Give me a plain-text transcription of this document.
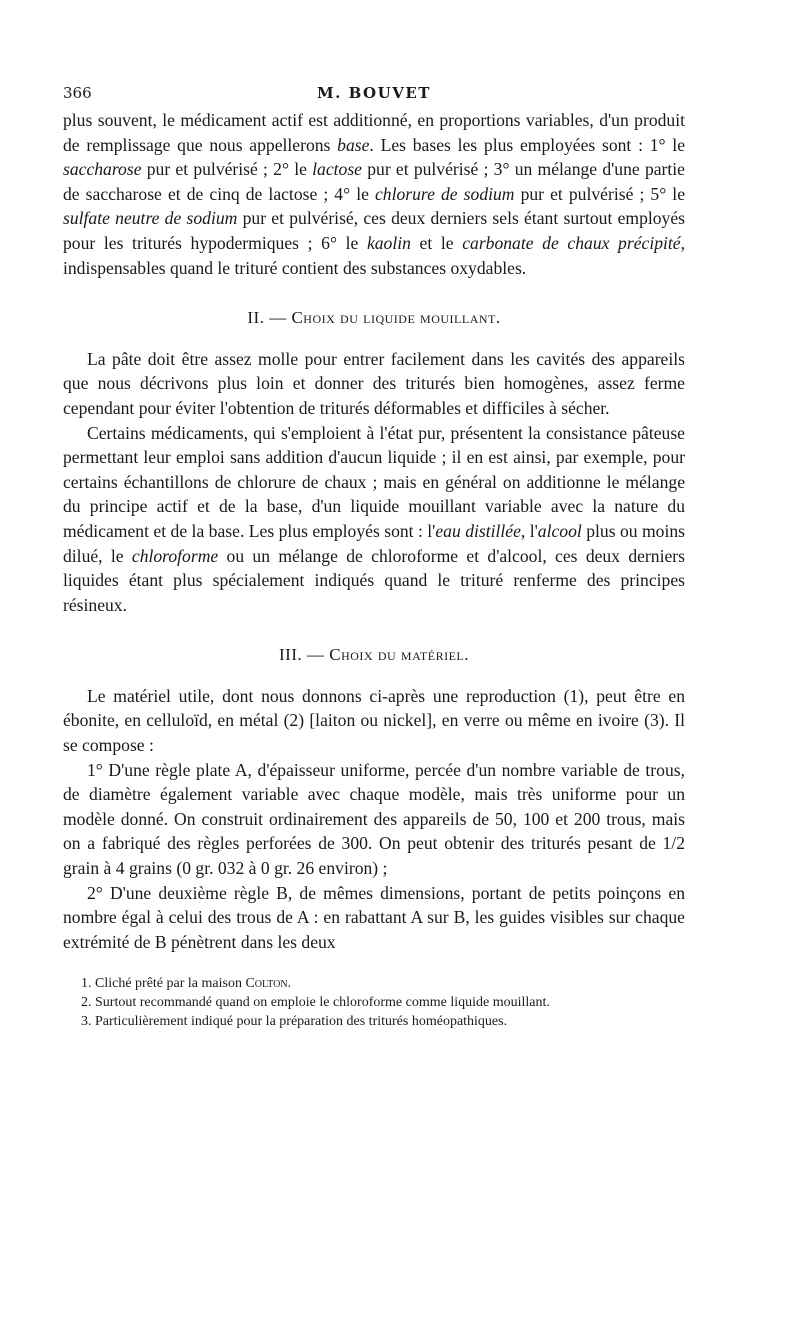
366	M. BOUVET

plus souvent, le médicament actif est additionné, en proportions variables, d'un produit de remplissage que nous appellerons base. Les bases les plus employées sont : 1° le saccharose pur et pulvérisé ; 2° le lactose pur et pulvérisé ; 3° un mélange d'une partie de saccharose et de cinq de lactose ; 4° le chlorure de sodium pur et pulvérisé ; 5° le sulfate neutre de sodium pur et pulvérisé, ces deux derniers sels étant surtout employés pour les triturés hypodermiques ; 6° le kaolin et le carbonate de chaux précipité, indispensables quand le trituré contient des substances oxydables.

II. — Choix du liquide mouillant.

La pâte doit être assez molle pour entrer facilement dans les cavités des appareils que nous décrivons plus loin et donner des triturés bien homogènes, assez ferme cependant pour éviter l'obtention de triturés déformables et difficiles à sécher.

Certains médicaments, qui s'emploient à l'état pur, présentent la consistance pâteuse permettant leur emploi sans addition d'aucun liquide ; il en est ainsi, par exemple, pour certains échantillons de chlorure de chaux ; mais en général on additionne le mélange du principe actif et de la base, d'un liquide mouillant variable avec la nature du médicament et de la base. Les plus employés sont : l'eau distillée, l'alcool plus ou moins dilué, le chloroforme ou un mélange de chloroforme et d'alcool, ces deux derniers liquides étant plus spécialement indiqués quand le trituré renferme des principes résineux.

III. — Choix du matériel.

Le matériel utile, dont nous donnons ci-après une reproduction (1), peut être en ébonite, en celluloïd, en métal (2) [laiton ou nickel], en verre ou même en ivoire (3). Il se compose :

1° D'une règle plate A, d'épaisseur uniforme, percée d'un nombre variable de trous, de diamètre également variable avec chaque modèle, mais très uniforme pour un modèle donné. On construit ordinairement des appareils de 50, 100 et 200 trous, mais on a fabriqué des règles perforées de 300. On peut obtenir des triturés pesant de 1/2 grain à 4 grains (0 gr. 032 à 0 gr. 26 environ) ;

2° D'une deuxième règle B, de mêmes dimensions, portant de petits poinçons en nombre égal à celui des trous de A : en rabattant A sur B, les guides visibles sur chaque extrémité de B pénètrent dans les deux

1. Cliché prêté par la maison Colton.

2. Surtout recommandé quand on emploie le chloroforme comme liquide mouillant.

3. Particulièrement indiqué pour la préparation des triturés homéopathiques.
